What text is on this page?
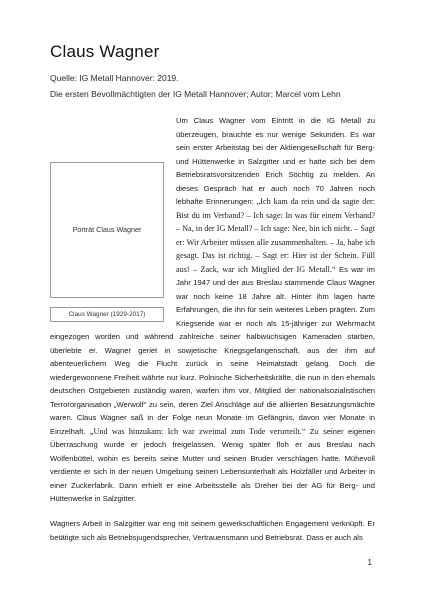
Claus Wagner
Quelle: IG Metall Hannover: 2019.
Die ersten Bevollmächtigten der IG Metall Hannover; Autor: Marcel vom Lehn

Porträt Claus Wagner
Claus Wagner (1929-2017)
Um Claus Wagner vom Eintritt in die IG Metall zu überzeugen, brauchte es nur wenige Sekunden. Es war sein erster Arbeitstag bei der Aktiengesellschaft für Berg- und Hüttenwerke in Salzgitter und er hatte sich bei dem Betriebsratsvorsitzenden Erich Söchtig zu melden. An dieses Gespräch hat er auch noch 70 Jahren noch lebhafte Erinnerungen: „Ich kam da rein und da sagte der: Bist du im Verband? – Ich sage: In was für einem Verband? – Na, in der IG Metall? – Ich sage: Nee, bin ich nicht. – Sagt er: Wir Arbeiter müssen alle zusammenhalten. – Ja, habe ich gesagt. Das ist richtig. – Sagt er: Hier ist der Schein. Füll aus! – Zack, war ich Mitglied der IG Metall.“ Es war im Jahr 1947 und der aus Breslau stammende Claus Wagner war noch keine 18 Jahre alt. Hinter ihm lagen harte Erfahrungen, die ihn für sein weiteres Leben prägten. Zum Kriegsende war er noch als 15-jähriger zur Wehrmacht eingezogen worden und während zahlreiche seiner halbwüchsigen Kameraden starben, überlebte er. Wagner geriet in sowjetische Kriegsgefangenschaft, aus der ihm auf abenteuerlichem Weg die Flucht zurück in seine Heimatstadt gelang. Doch die wiedergewonnene Freiheit währte nur kurz. Polnische Sicherheitskräfte, die nun in den ehemals deutschen Ostgebieten zuständig waren, warfen ihm vor, Mitglied der nationalsozialistischen Terrororganisation „Werwolf“ zu sein, deren Ziel Anschläge auf die alliierten Besatzungsmächte waren. Claus Wagner saß in der Folge neun Monate im Gefängnis, davon vier Monate in Einzelhaft. „Und was hinzukam: Ich war zweimal zum Tode verurteilt.“ Zu seiner eigenen Überraschung wurde er jedoch freigelassen. Wenig später floh er aus Breslau nach Wolfenbüttel, wohin es bereits seine Mutter und seinen Bruder verschlagen hatte. Mühevoll verdiente er sich in der neuen Umgebung seinen Lebensunterhalt als Holzfäller und Arbeiter in einer Zuckerfabrik. Dann erhielt er eine Arbeitsstelle als Dreher bei der AG für Berg- und Hüttenwerke in Salzgitter.

Wagners Arbeit in Salzgitter war eng mit seinem gewerkschaftlichen Engagement verknüpft. Er betätigte sich als Betriebsjugendsprecher, Vertrauensmann und Betriebsrat. Dass er auch als

1
